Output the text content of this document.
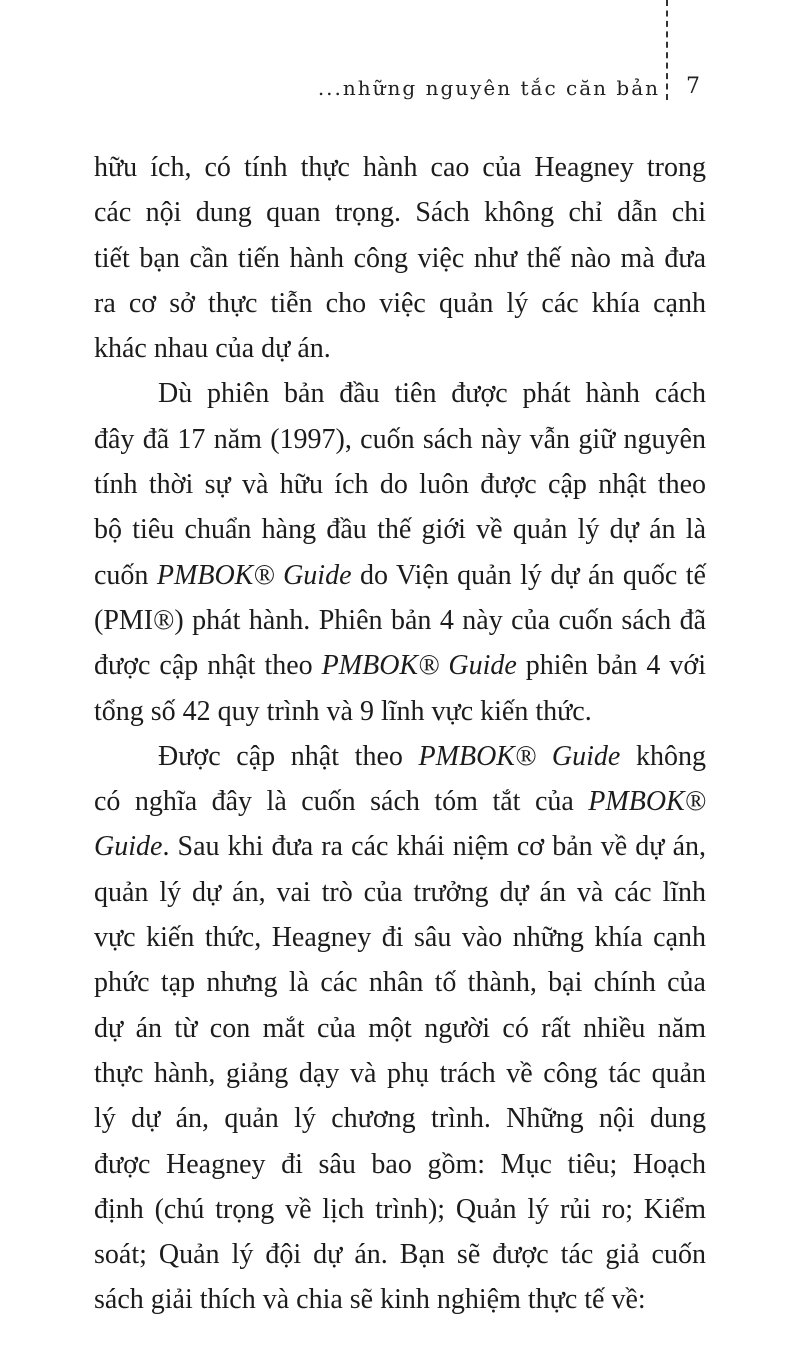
...những nguyên tắc căn bản 7

hữu ích, có tính thực hành cao của Heagney trong
các nội dung quan trọng. Sách không chỉ dẫn chi
tiết bạn cần tiến hành công việc như thế nào mà đưa
ra cơ sở thực tiễn cho việc quản lý các khía cạnh
khác nhau của dự án.

Dù phiên bản đầu tiên được phát hành cách
đây đã 17 năm (1997), cuốn sách này vẫn giữ nguyên
tính thời sự và hữu ích do luôn được cập nhật theo
bộ tiêu chuẩn hàng đầu thế giới về quản lý dự án là
cuốn PMBOK® Guide do Viện quản lý dự án quốc tế
(PMI®) phát hành. Phiên bản 4 này của cuốn sách đã
được cập nhật theo PMBOK® Guide phiên bản 4 với
tổng số 42 quy trình và 9 lĩnh vực kiến thức.

Được cập nhật theo PMBOK® Guide không
có nghĩa đây là cuốn sách tóm tắt của PMBOK®
Guide. Sau khi đưa ra các khái niệm cơ bản về dự án,
quản lý dự án, vai trò của trưởng dự án và các lĩnh
vực kiến thức, Heagney đi sâu vào những khía cạnh
phức tạp nhưng là các nhân tố thành, bại chính của
dự án từ con mắt của một người có rất nhiều năm
thực hành, giảng dạy và phụ trách về công tác quản
lý dự án, quản lý chương trình. Những nội dung
được Heagney đi sâu bao gồm: Mục tiêu; Hoạch
định (chú trọng về lịch trình); Quản lý rủi ro; Kiểm
soát; Quản lý đội dự án. Bạn sẽ được tác giả cuốn
sách giải thích và chia sẽ kinh nghiệm thực tế về:
